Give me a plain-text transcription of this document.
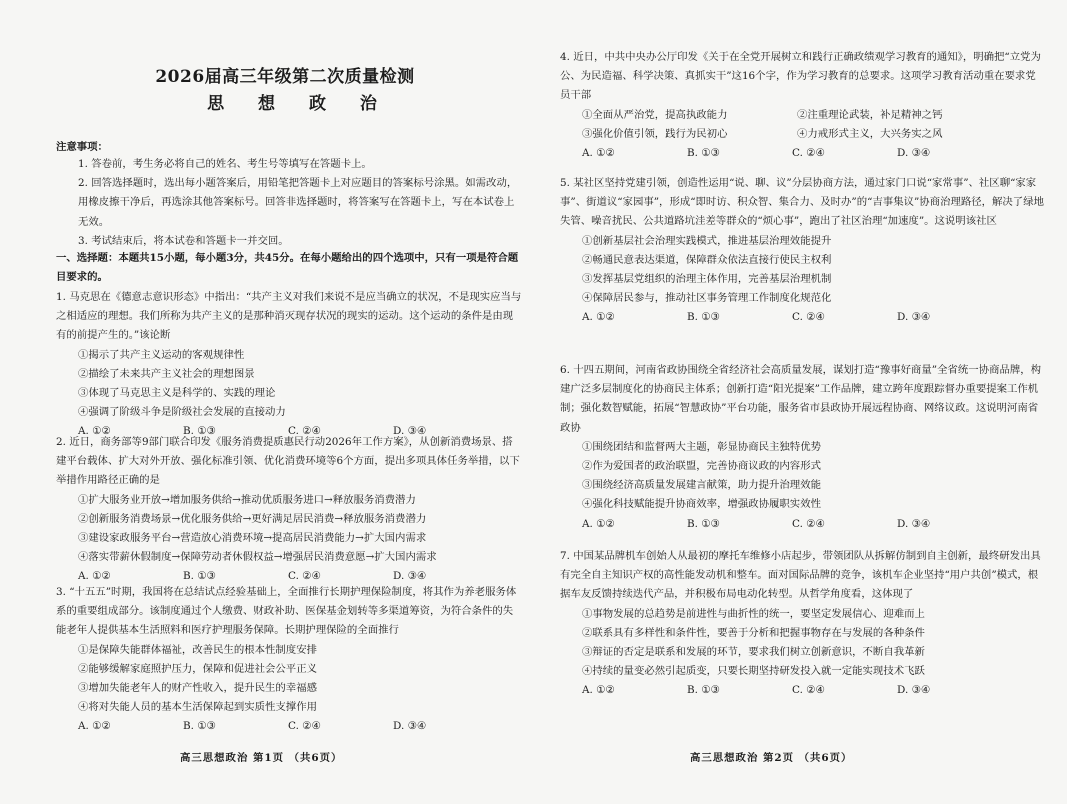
2026届高三年级第二次质量检测
思 想 政 治
注意事项：
1. 答卷前，考生务必将自己的姓名、考生号等填写在答题卡上。
2. 回答选择题时，选出每小题答案后，用铅笔把答题卡上对应题目的答案标号涂黑。如需改动，用橡皮擦干净后，再选涂其他答案标号。回答非选择题时，将答案写在答题卡上，写在本试卷上无效。
3. 考试结束后，将本试卷和答题卡一并交回。
一、选择题：本题共15小题，每小题3分，共45分。在每小题给出的四个选项中，只有一项是符合题目要求的。
1. 马克思在《德意志意识形态》中指出：“共产主义对我们来说不是应当确立的状况，不是现实应当与之相适应的理想。我们所称为共产主义的是那种消灭现存状况的现实的运动。这个运动的条件是由现有的前提产生的。”该论断
①揭示了共产主义运动的客观规律性
②描绘了未来共产主义社会的理想图景
③体现了马克思主义是科学的、实践的理论
④强调了阶级斗争是阶级社会发展的直接动力
A. ①②	B. ①③	C. ②④	D. ③④
2. 近日，商务部等9部门联合印发《服务消费提质惠民行动2026年工作方案》，从创新消费场景、搭建平台载体、扩大对外开放、强化标准引领、优化消费环境等6个方面，提出多项具体任务举措，以下举措作用路径正确的是
①扩大服务业开放→增加服务供给→推动优质服务进口→释放服务消费潜力
②创新服务消费场景→优化服务供给→更好满足居民消费→释放服务消费潜力
③建设家政服务平台→营造放心消费环境→提高居民消费能力→扩大国内需求
④落实带薪休假制度→保障劳动者休假权益→增强居民消费意愿→扩大国内需求
A. ①②	B. ①③	C. ②④	D. ③④
3. “十五五”时期，我国将在总结试点经验基础上，全面推行长期护理保险制度，将其作为养老服务体系的重要组成部分。该制度通过个人缴费、财政补助、医保基金划转等多渠道筹资，为符合条件的失能老年人提供基本生活照料和医疗护理服务保障。长期护理保险的全面推行
①是保障失能群体福祉，改善民生的根本性制度安排
②能够缓解家庭照护压力，保障和促进社会公平正义
③增加失能老年人的财产性收入，提升民生的幸福感
④将对失能人员的基本生活保障起到实质性支撑作用
A. ①②	B. ①③	C. ②④	D. ③④
高三思想政治 第1页 （共6页）
4. 近日，中共中央办公厅印发《关于在全党开展树立和践行正确政绩观学习教育的通知》，明确把“立党为公、为民造福、科学决策、真抓实干”这16个字，作为学习教育的总要求。这项学习教育活动重在要求党员干部
①全面从严治党，提高执政能力	②注重理论武装，补足精神之钙
③强化价值引领，践行为民初心	④力戒形式主义，大兴务实之风
A. ①②	B. ①③	C. ②④	D. ③④
5. 某社区坚持党建引领，创造性运用“说、聊、议”分层协商方法，通过家门口说“家常事”、社区聊“家家事”、街道议“家园事”，形成“即时访、积众智、集合力、及时办”的“吉事集议”协商治理路径，解决了绿地失管、噪音扰民、公共道路坑洼差等群众的“烦心事”，跑出了社区治理“加速度”。这说明该社区
①创新基层社会治理实践模式，推进基层治理效能提升
②畅通民意表达渠道，保障群众依法直接行使民主权利
③发挥基层党组织的治理主体作用，完善基层治理机制
④保障居民参与，推动社区事务管理工作制度化规范化
A. ①②	B. ①③	C. ②④	D. ③④
6. 十四五期间，河南省政协围绕全省经济社会高质量发展，谋划打造“豫事好商量”全省统一协商品牌，构建广泛多层制度化的协商民主体系；创新打造“阳光提案”工作品牌，建立跨年度跟踪督办重要提案工作机制；强化数智赋能，拓展“智慧政协”平台功能，服务省市县政协开展远程协商、网络议政。这说明河南省政协
①围绕团结和监督两大主题，彰显协商民主独特优势
②作为爱国者的政治联盟，完善协商议政的内容形式
③围绕经济高质量发展建言献策，助力提升治理效能
④强化科技赋能提升协商效率，增强政协履职实效性
A. ①②	B. ①③	C. ②④	D. ③④
7. 中国某品牌机车创始人从最初的摩托车维修小店起步，带领团队从拆解仿制到自主创新，最终研发出具有完全自主知识产权的高性能发动机和整车。面对国际品牌的竞争，该机车企业坚持“用户共创”模式，根据车友反馈持续迭代产品，并积极布局电动化转型。从哲学角度看，这体现了
①事物发展的总趋势是前进性与曲折性的统一，要坚定发展信心、迎难而上
②联系具有多样性和条件性，要善于分析和把握事物存在与发展的各种条件
③辩证的否定是联系和发展的环节，要求我们树立创新意识，不断自我革新
④持续的量变必然引起质变，只要长期坚持研发投入就一定能实现技术飞跃
A. ①②	B. ①③	C. ②④	D. ③④
高三思想政治 第2页 （共6页）
